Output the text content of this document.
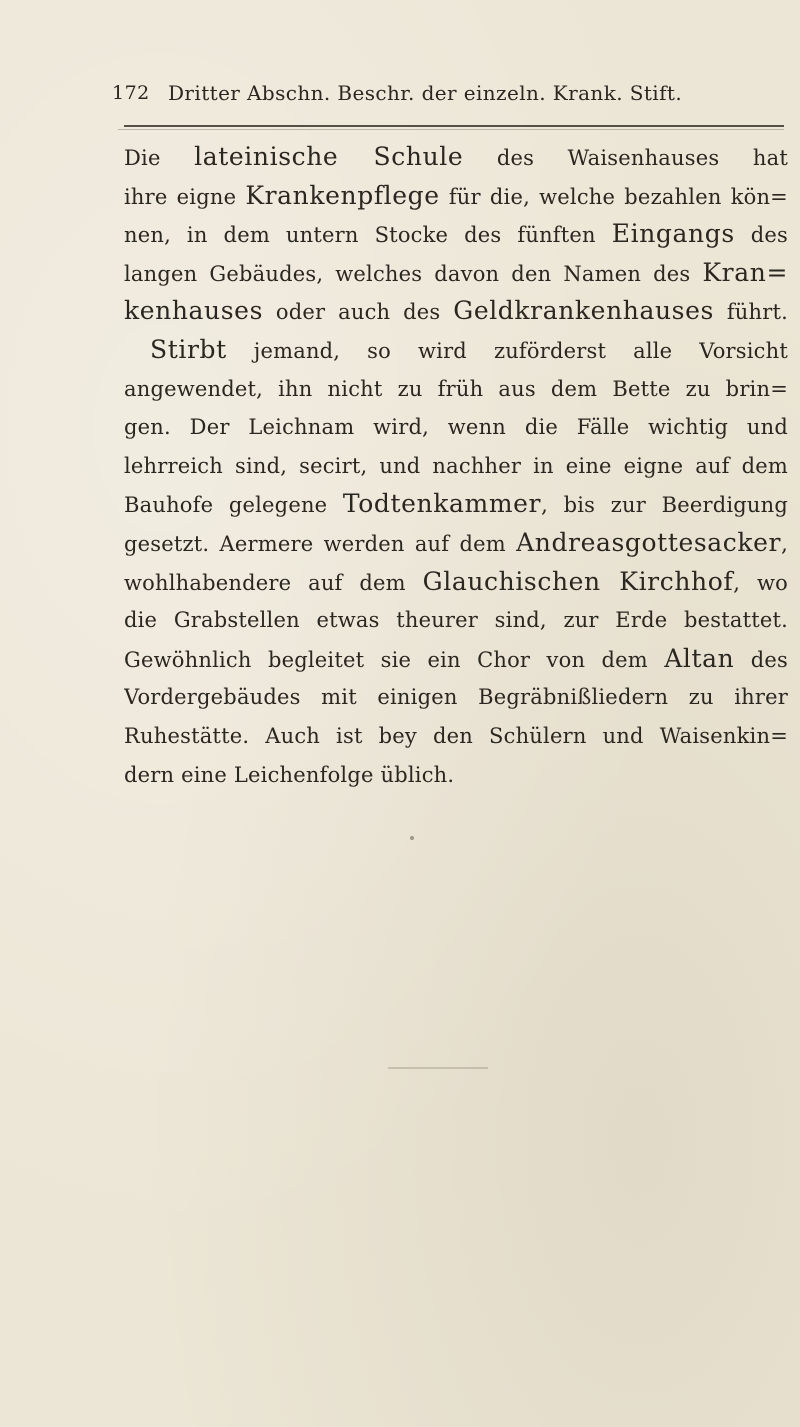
172 Dritter Abschn. Beschr. der einzeln. Krank. Stift.
Die lateinische Schule des Waisenhauses hat
ihre eigne Krankenpflege für die, welche bezahlen kön=
nen, in dem untern Stocke des fünften Eingangs des
langen Gebäudes, welches davon den Namen des Kran=
kenhauses oder auch des Geldkrankenhauses führt.
Stirbt jemand, so wird zuförderst alle Vorsicht
angewendet, ihn nicht zu früh aus dem Bette zu brin=
gen. Der Leichnam wird, wenn die Fälle wichtig und
lehrreich sind, secirt, und nachher in eine eigne auf dem
Bauhofe gelegene Todtenkammer, bis zur Beerdigung
gesetzt. Aermere werden auf dem Andreasgottesacker,
wohlhabendere auf dem Glauchischen Kirchhof, wo
die Grabstellen etwas theurer sind, zur Erde bestattet.
Gewöhnlich begleitet sie ein Chor von dem Altan des
Vordergebäudes mit einigen Begräbnißliedern zu ihrer
Ruhestätte. Auch ist bey den Schülern und Waisenkin=
dern eine Leichenfolge üblich.
